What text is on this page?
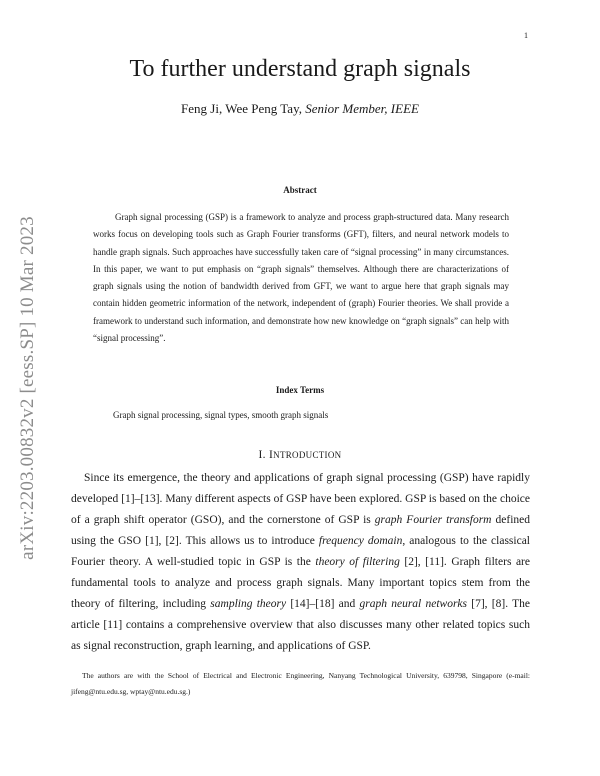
1
arXiv:2203.00832v2 [eess.SP] 10 Mar 2023
To further understand graph signals
Feng Ji, Wee Peng Tay, Senior Member, IEEE
Abstract

Graph signal processing (GSP) is a framework to analyze and process graph-structured data. Many research works focus on developing tools such as Graph Fourier transforms (GFT), filters, and neural network models to handle graph signals. Such approaches have successfully taken care of “signal processing” in many circumstances. In this paper, we want to put emphasis on “graph signals” themselves. Although there are characterizations of graph signals using the notion of bandwidth derived from GFT, we want to argue here that graph signals may contain hidden geometric information of the network, independent of (graph) Fourier theories. We shall provide a framework to understand such information, and demonstrate how new knowledge on “graph signals” can help with “signal processing”.

Index Terms

Graph signal processing, signal types, smooth graph signals

I. INTRODUCTION

Since its emergence, the theory and applications of graph signal processing (GSP) have rapidly developed [1]–[13]. Many different aspects of GSP have been explored. GSP is based on the choice of a graph shift operator (GSO), and the cornerstone of GSP is graph Fourier transform defined using the GSO [1], [2]. This allows us to introduce frequency domain, analogous to the classical Fourier theory. A well-studied topic in GSP is the theory of filtering [2], [11]. Graph filters are fundamental tools to analyze and process graph signals. Many important topics stem from the theory of filtering, including sampling theory [14]–[18] and graph neural networks [7], [8]. The article [11] contains a comprehensive overview that also discusses many other related topics such as signal reconstruction, graph learning, and applications of GSP.

The authors are with the School of Electrical and Electronic Engineering, Nanyang Technological University, 639798, Singapore (e-mail: jifeng@ntu.edu.sg, wptay@ntu.edu.sg.)
